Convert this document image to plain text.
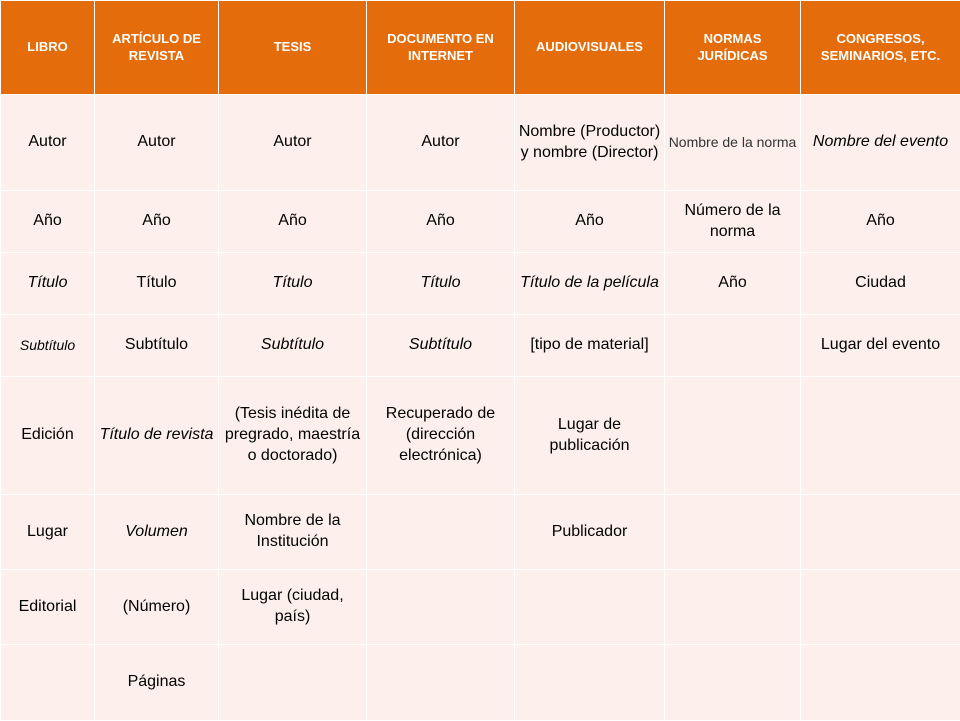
LIBRO	ARTÍCULO DE REVISTA	TESIS	DOCUMENTO EN INTERNET	AUDIOVISUALES	NORMAS JURÍDICAS	CONGRESOS, SEMINARIOS, ETC.
Autor	Autor	Autor	Autor	Nombre (Productor) y nombre (Director)	Nombre de la norma	Nombre del evento
Año	Año	Año	Año	Año	Número de la norma	Año
Título	Título	Título	Título	Título de la película	Año	Ciudad
Subtítulo	Subtítulo	Subtítulo	Subtítulo	[tipo de material]		Lugar del evento
Edición	Título de revista	(Tesis inédita de pregrado, maestría o doctorado)	Recuperado de (dirección electrónica)	Lugar de publicación		
Lugar	Volumen	Nombre de la Institución		Publicador		
Editorial	(Número)	Lugar (ciudad, país)				
	Páginas					
